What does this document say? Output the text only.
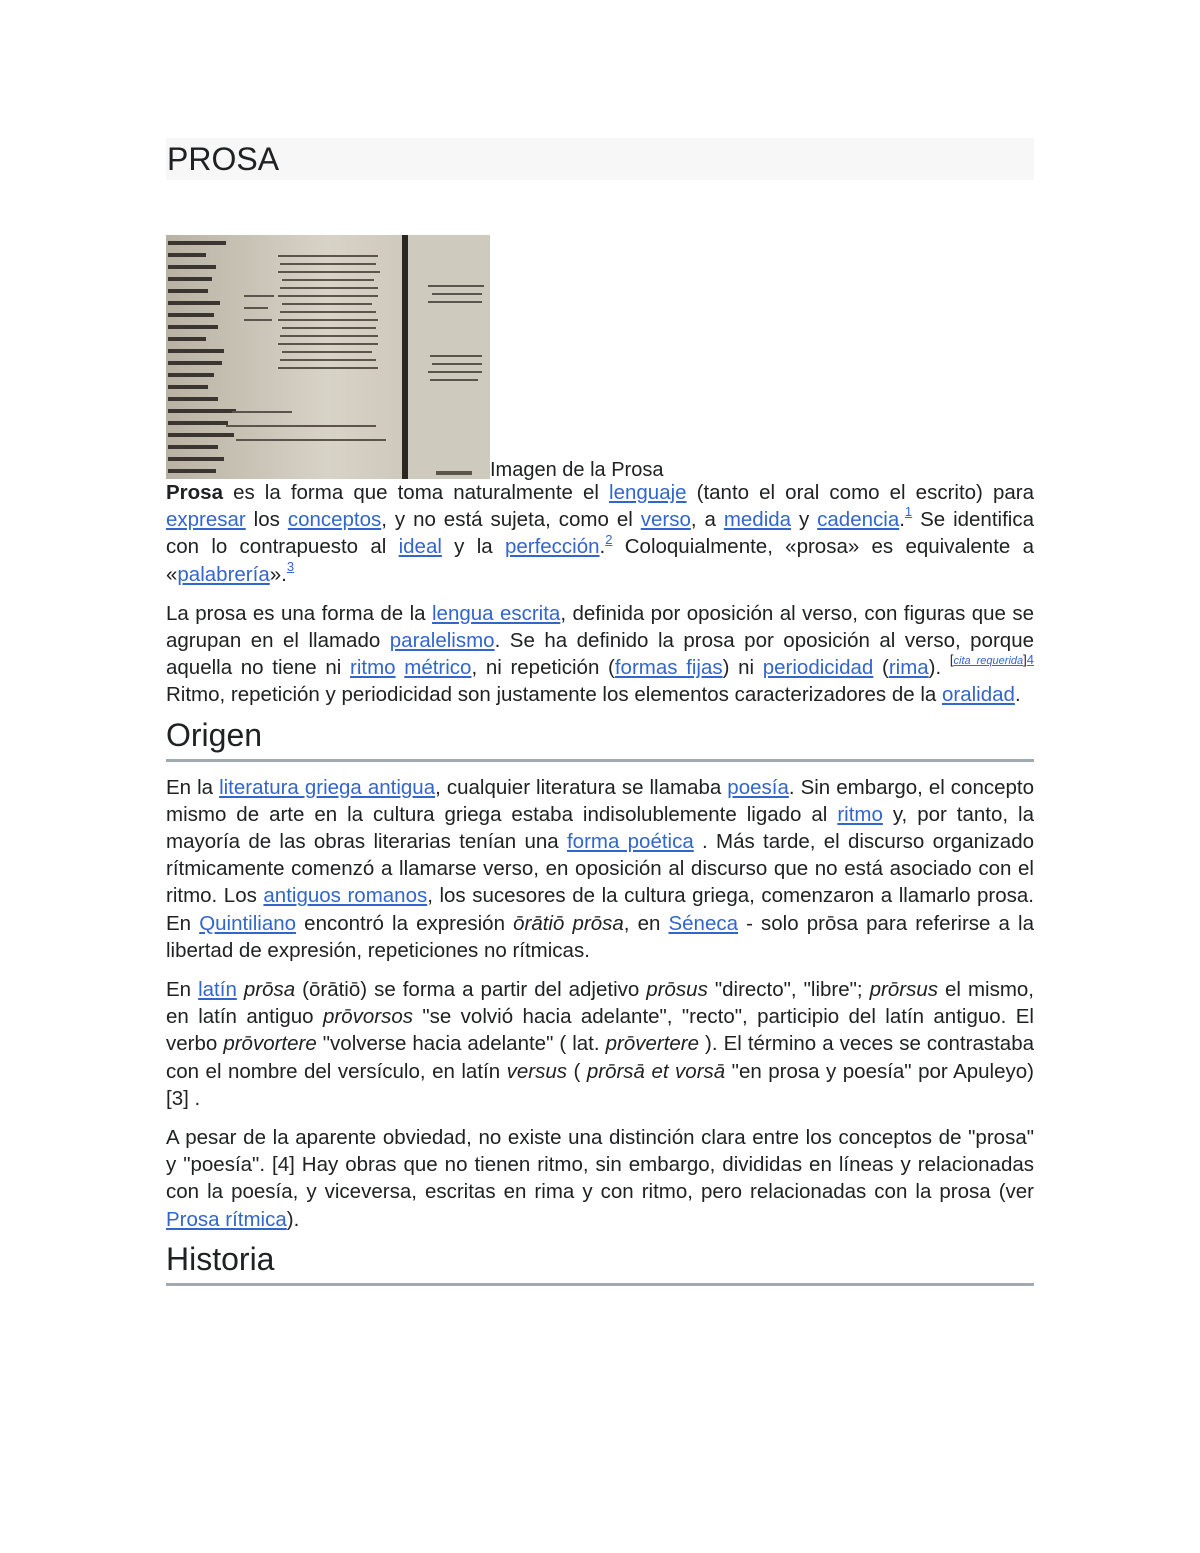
PROSA
Imagen de la Prosa

Prosa es la forma que toma naturalmente el lenguaje (tanto el oral como el escrito) para expresar los conceptos, y no está sujeta, como el verso, a medida y cadencia.$^1$ Se identifica con lo contrapuesto al ideal y la perfección.$^2$ Coloquialmente, «prosa» es equivalente a «palabrería».$^3$

La prosa es una forma de la lengua escrita, definida por oposición al verso, con figuras que se agrupan en el llamado paralelismo. Se ha definido la prosa por oposición al verso, porque aquella no tiene ni ritmo métrico, ni repetición (formas fijas) ni periodicidad (rima). $^{[cita requerida]4}$ Ritmo, repetición y periodicidad son justamente los elementos caracterizadores de la oralidad.

Origen

En la literatura griega antigua, cualquier literatura se llamaba poesía. Sin embargo, el concepto mismo de arte en la cultura griega estaba indisolublemente ligado al ritmo y, por tanto, la mayoría de las obras literarias tenían una forma poética . Más tarde, el discurso organizado rítmicamente comenzó a llamarse verso, en oposición al discurso que no está asociado con el ritmo. Los antiguos romanos, los sucesores de la cultura griega, comenzaron a llamarlo prosa. En Quintiliano encontró la expresión ōrātiō prōsa, en Séneca - solo prōsa para referirse a la libertad de expresión, repeticiones no rítmicas.

En latín prōsa (ōrātiō) se forma a partir del adjetivo prōsus "directo", "libre"; prōrsus el mismo, en latín antiguo prōvorsos "se volvió hacia adelante", "recto", participio del latín antiguo. El verbo prōvortere "volverse hacia adelante" ( lat. prōvertere ). El término a veces se contrastaba con el nombre del versículo, en latín versus ( prōrsā et vorsā "en prosa y poesía" por Apuleyo) [3] .

A pesar de la aparente obviedad, no existe una distinción clara entre los conceptos de "prosa" y "poesía". [4] Hay obras que no tienen ritmo, sin embargo, divididas en líneas y relacionadas con la poesía, y viceversa, escritas en rima y con ritmo, pero relacionadas con la prosa (ver Prosa rítmica).

Historia
